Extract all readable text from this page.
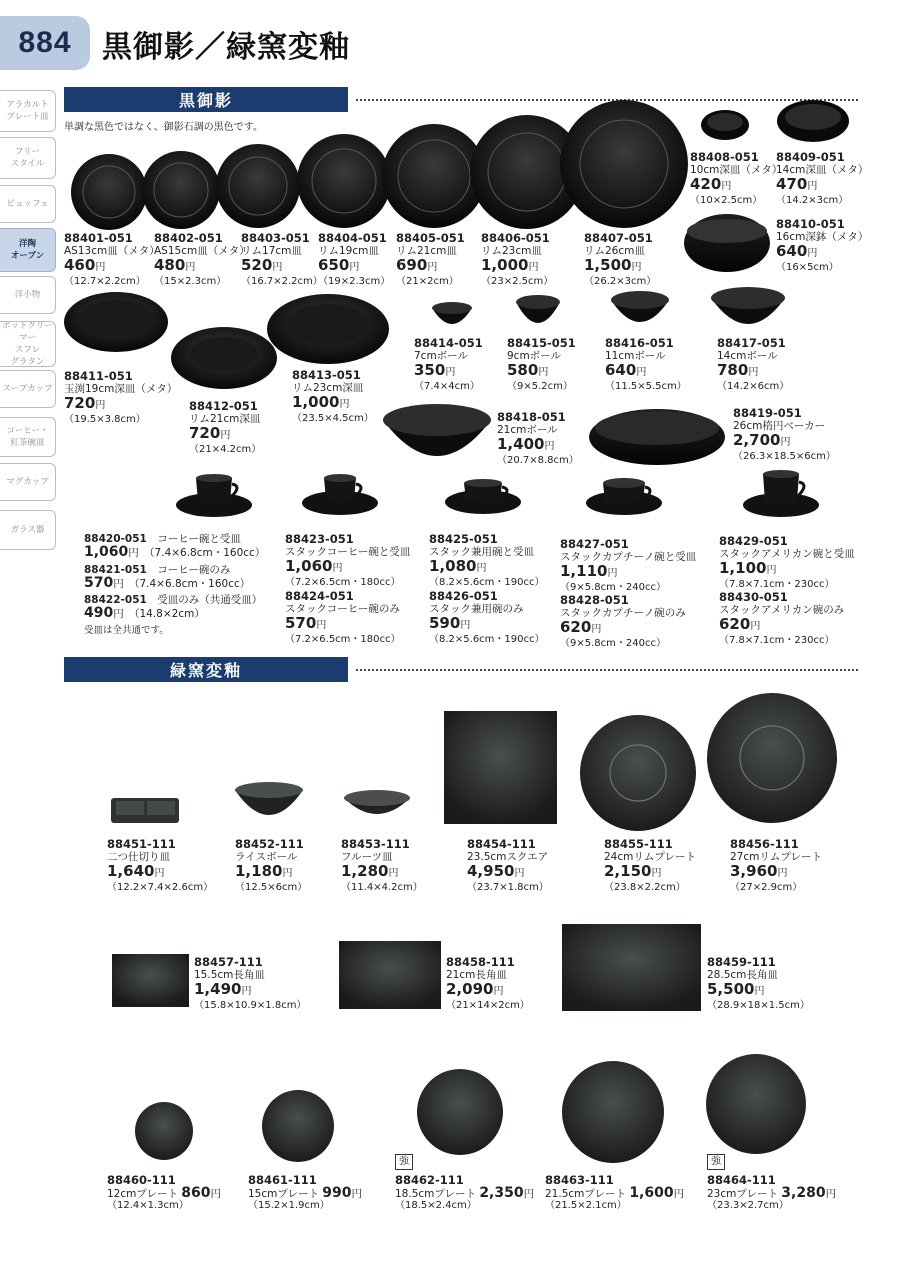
884	黒御影／緑窯変釉
アラカルト
プレート皿
フリー
スタイル
ビュッフェ
洋陶
オーブン
洋小物
ポットクリーマー
スフレ
グラタン
スープカップ
コーヒー・
紅茶碗皿
マグカップ
ガラス器
黒御影
単調な黒色ではなく、御影石調の黒色です。
緑窯変釉
88401-051
AS13cm皿（メタ）
460円
（12.7×2.2cm）
88402-051
AS15cm皿（メタ）
480円
（15×2.3cm）
88403-051
リム17cm皿
520円
（16.7×2.2cm）
88404-051
リム19cm皿
650円
（19×2.3cm）
88405-051
リム21cm皿
690円
（21×2cm）
88406-051
リム23cm皿
1,000円
（23×2.5cm）
88407-051
リム26cm皿
1,500円
（26.2×3cm）
88408-051
10cm深皿（メタ）
420円
（10×2.5cm）
88409-051
14cm深皿（メタ）
470円
（14.2×3cm）
88410-051
16cm深鉢（メタ）
640円
（16×5cm）
88411-051
玉渕19cm深皿（メタ）
720円
（19.5×3.8cm）
88412-051
リム21cm深皿
720円
（21×4.2cm）
88413-051
リム23cm深皿
1,000円
（23.5×4.5cm）
88414-051
7cmボール
350円
（7.4×4cm）
88415-051
9cmボール
580円
（9×5.2cm）
88416-051
11cmボール
640円
（11.5×5.5cm）
88417-051
14cmボール
780円
（14.2×6cm）
88418-051
21cmボール
1,400円
（20.7×8.8cm）
88419-051
26cm楕円ベーカー
2,700円
（26.3×18.5×6cm）
88420-051　 コーヒー碗と受皿
1,060円　 （7.4×6.8cm・160cc）
88421-051　 コーヒー碗のみ
570円　 （7.4×6.8cm・160cc）
88422-051　 受皿のみ（共通受皿）
490円　 （14.8×2cm）
受皿は全共通です。
88423-051
スタックコーヒー碗と受皿
1,060円
（7.2×6.5cm・180cc）
88424-051
スタックコーヒー碗のみ
570円
（7.2×6.5cm・180cc）
88425-051
スタック兼用碗と受皿
1,080円
（8.2×5.6cm・190cc）
88426-051
スタック兼用碗のみ
590円
（8.2×5.6cm・190cc）
88427-051
スタックカプチーノ碗と受皿
1,110円
（9×5.8cm・240cc）
88428-051
スタックカプチーノ碗のみ
620円
（9×5.8cm・240cc）
88429-051
スタックアメリカン碗と受皿
1,100円
（7.8×7.1cm・230cc）
88430-051
スタックアメリカン碗のみ
620円
（7.8×7.1cm・230cc）
88451-111
二つ仕切り皿
1,640円
（12.2×7.4×2.6cm）
88452-111
ライスボール
1,180円
（12.5×6cm）
88453-111
フルーツ皿
1,280円
（11.4×4.2cm）
88454-111
23.5cmスクエア
4,950円
（23.7×1.8cm）
88455-111
24cmリムプレート
2,150円
（23.8×2.2cm）
88456-111
27cmリムプレート
3,960円
（27×2.9cm）
88457-111
15.5cm長角皿
1,490円
（15.8×10.9×1.8cm）
88458-111
21cm長角皿
2,090円
（21×14×2cm）
88459-111
28.5cm長角皿
5,500円
（28.9×18×1.5cm）
強	強
88460-111
12cmプレート 860円
（12.4×1.3cm）
88461-111
15cmプレート 990円
（15.2×1.9cm）
88462-111
18.5cmプレート 2,350円
（18.5×2.4cm）
88463-111
21.5cmプレート 1,600円
（21.5×2.1cm）
88464-111
23cmプレート 3,280円
（23.3×2.7cm）
